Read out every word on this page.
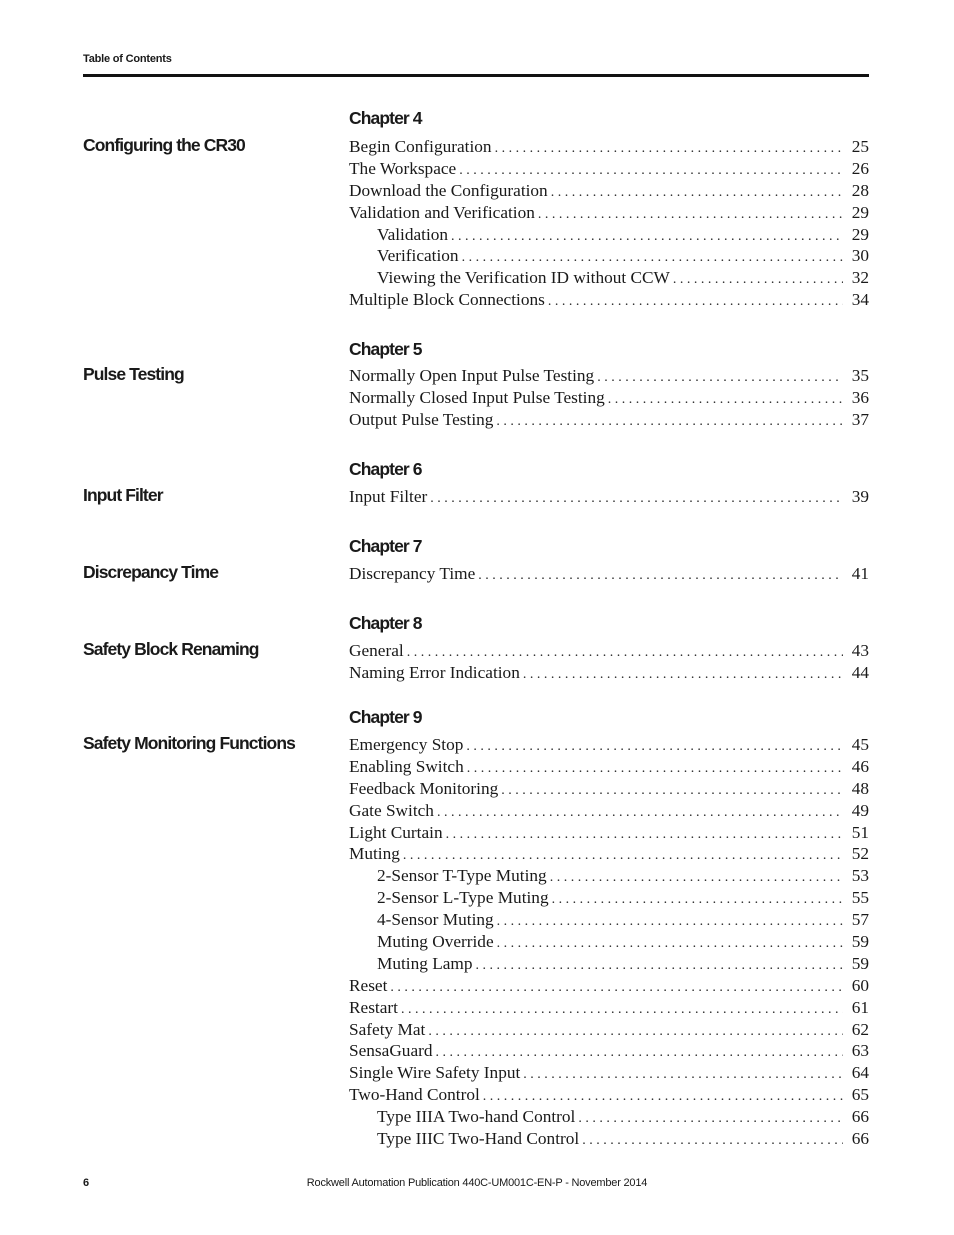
Table of Contents
Chapter 4
Configuring the CR30	Begin Configuration . . .	25
The Workspace . . .	26
Download the Configuration . . .	28
Validation and Verification . . .	29
Validation . . .	29
Verification . . .	30
Viewing the Verification ID without CCW . . .	32
Multiple Block Connections . . .	34
Chapter 5
Pulse Testing	Normally Open Input Pulse Testing . . .	35
Normally Closed Input Pulse Testing . . .	36
Output Pulse Testing . . .	37
Chapter 6
Input Filter	Input Filter . . .	39
Chapter 7
Discrepancy Time	Discrepancy Time . . .	41
Chapter 8
Safety Block Renaming	General . . .	43
Naming Error Indication . . .	44
Chapter 9
Safety Monitoring Functions	Emergency Stop . . .	45
Enabling Switch . . .	46
Feedback Monitoring . . .	48
Gate Switch . . .	49
Light Curtain . . .	51
Muting . . .	52
2-Sensor T-Type Muting . . .	53
2-Sensor L-Type Muting . . .	55
4-Sensor Muting . . .	57
Muting Override . . .	59
Muting Lamp . . .	59
Reset . . .	60
Restart . . .	61
Safety Mat . . .	62
SensaGuard . . .	63
Single Wire Safety Input . . .	64
Two-Hand Control . . .	65
Type IIIA Two-hand Control . . .	66
Type IIIC Two-Hand Control . . .	66
6	Rockwell Automation Publication 440C-UM001C-EN-P - November 2014
